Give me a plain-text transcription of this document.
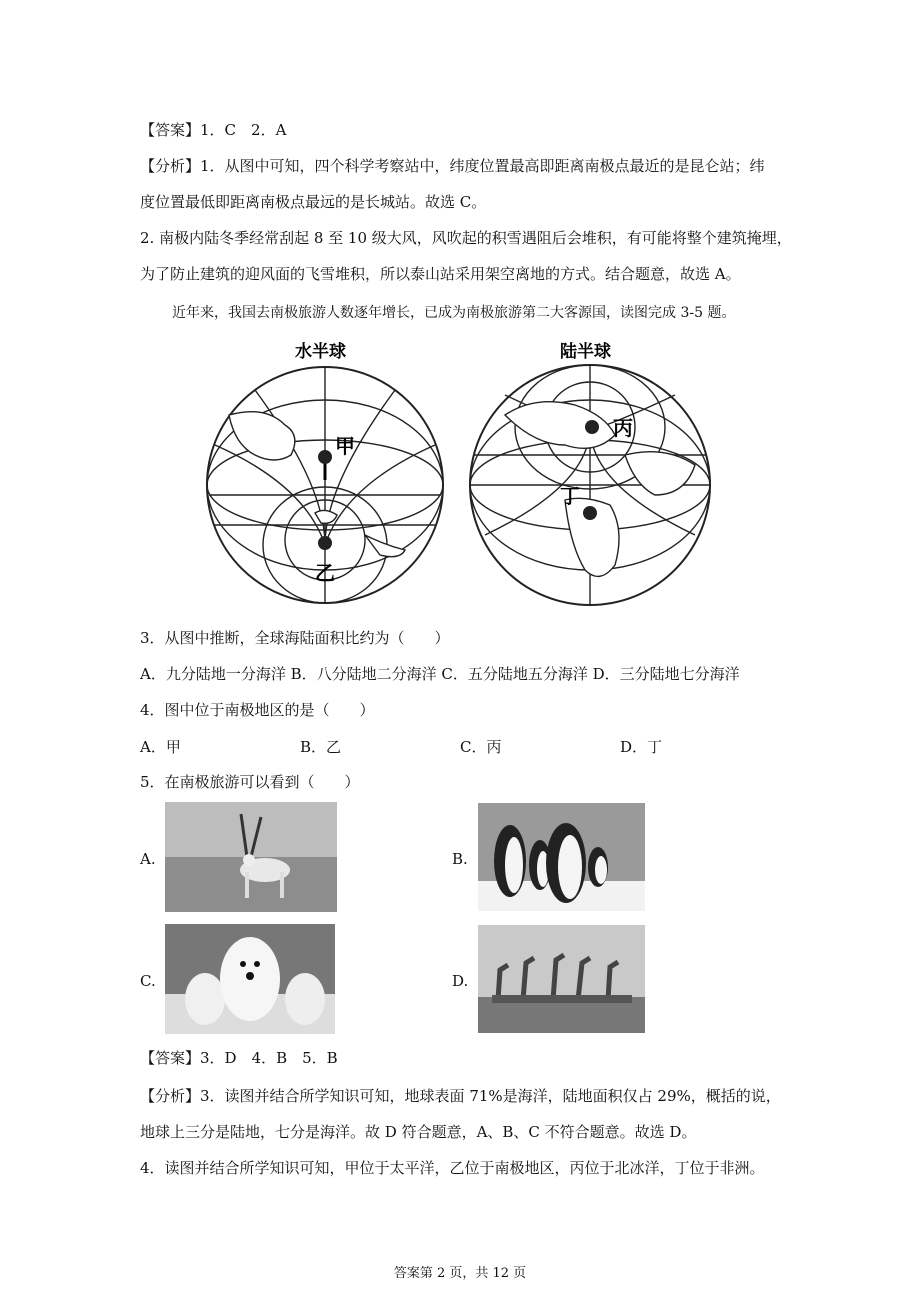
【答案】1．C　2．A
【分析】1．从图中可知，四个科学考察站中，纬度位置最高即距离南极点最近的是昆仑站；纬
度位置最低即距离南极点最远的是长城站。故选 C。
2. 南极内陆冬季经常刮起 8 至 10 级大风，风吹起的积雪遇阻后会堆积，有可能将整个建筑掩埋，
为了防止建筑的迎风面的飞雪堆积，所以泰山站采用架空离地的方式。结合题意，故选 A。
近年来，我国去南极旅游人数逐年增长，已成为南极旅游第二大客源国，读图完成 3-5 题。
水半球
甲
乙
陆半球
丙
丁
3．从图中推断，全球海陆面积比约为（　　）
A．九分陆地一分海洋 B．八分陆地二分海洋 C．五分陆地五分海洋 D．三分陆地七分海洋
4．图中位于南极地区的是（　　）
A．甲	B．乙	C．丙	D．丁
5．在南极旅游可以看到（　　）
A.	B.
C.	D.
【答案】3．D　4．B　5．B
【分析】3．读图并结合所学知识可知，地球表面 71%是海洋，陆地面积仅占 29%，概括的说，
地球上三分是陆地，七分是海洋。故 D 符合题意，A、B、C 不符合题意。故选 D。
4．读图并结合所学知识可知，甲位于太平洋，乙位于南极地区，丙位于北冰洋，丁位于非洲。
答案第 2 页，共 12 页
